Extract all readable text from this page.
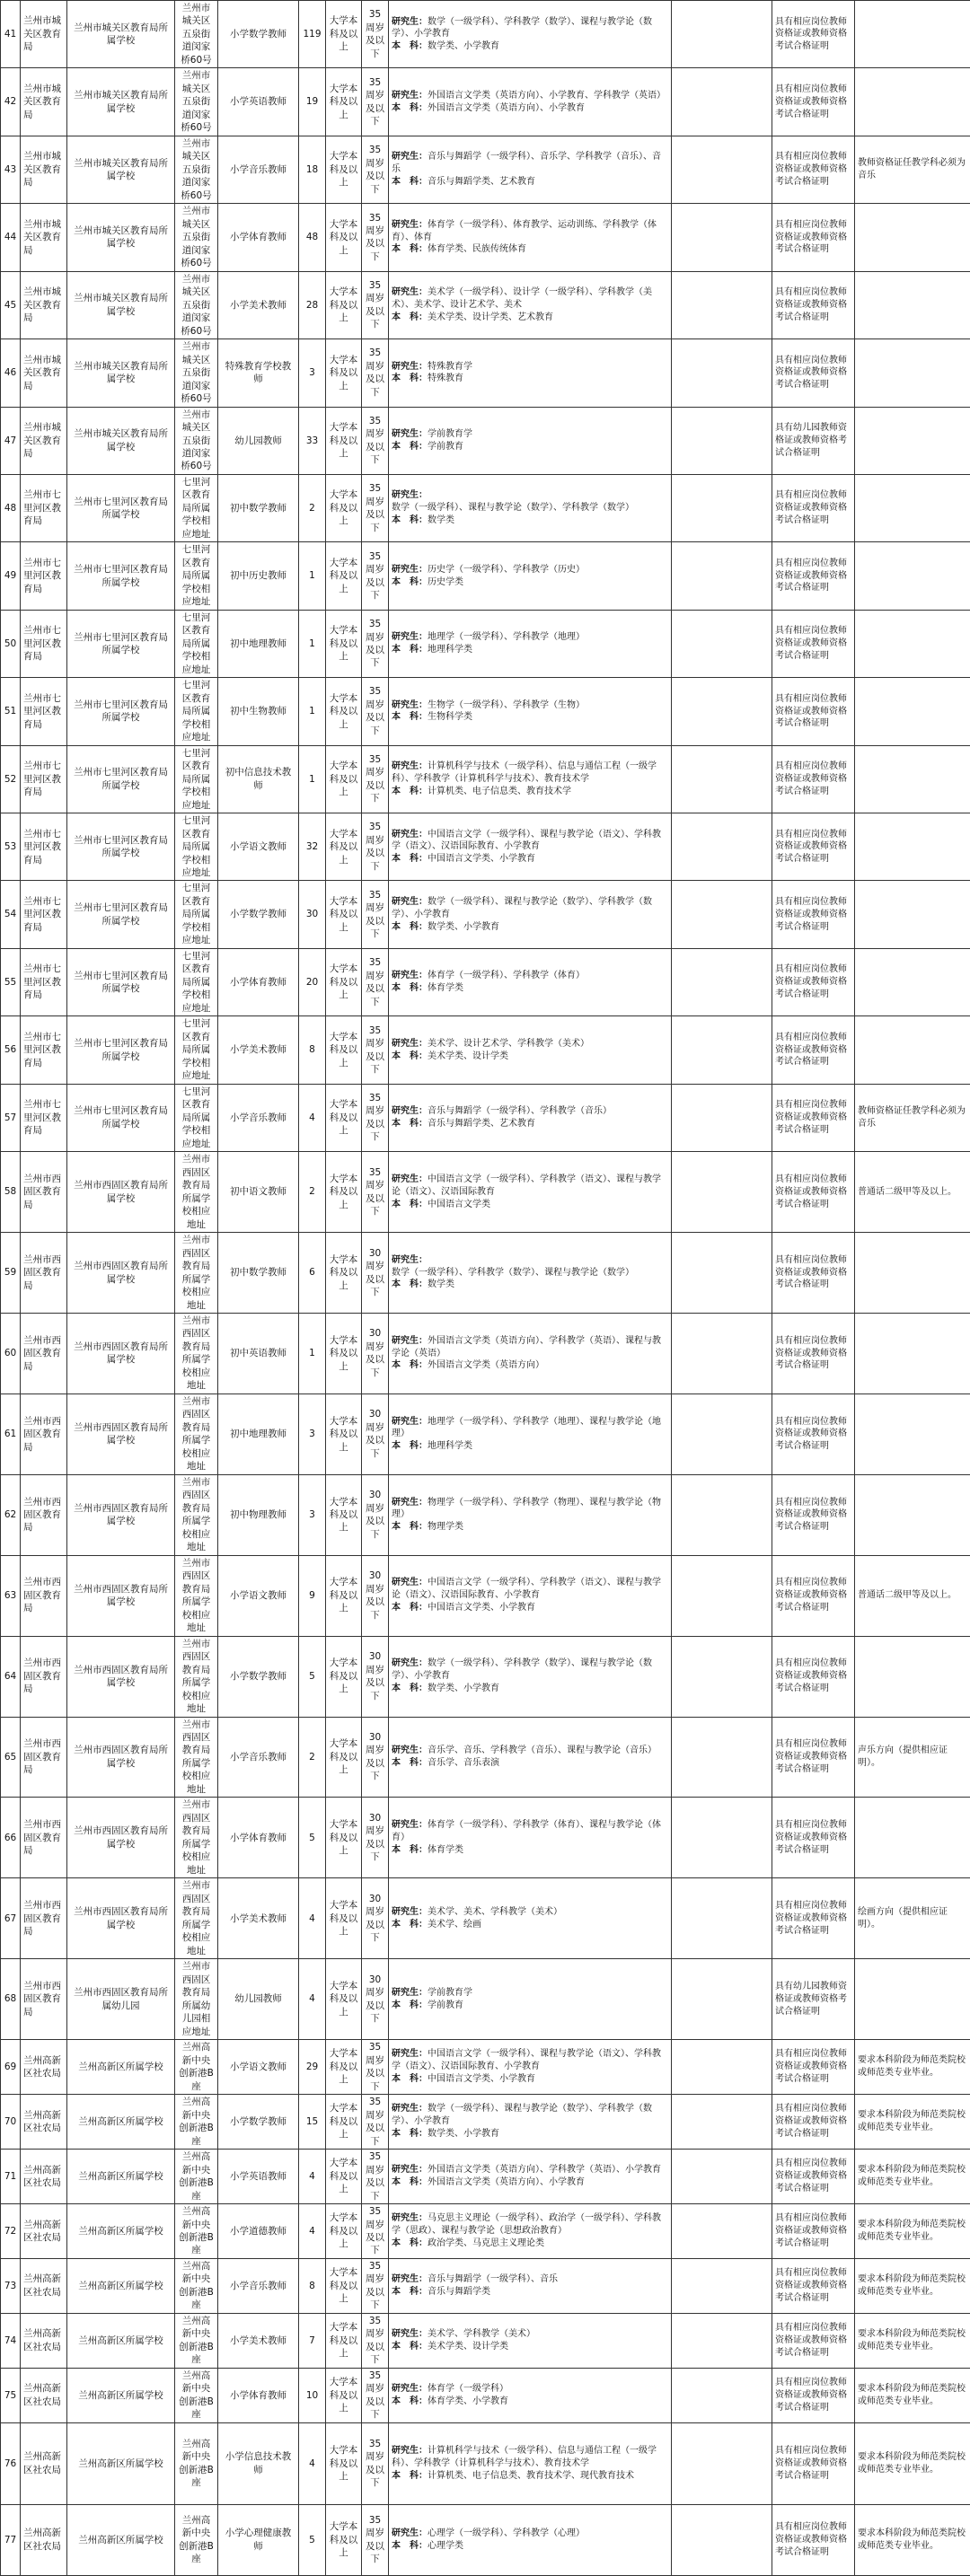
41	兰州市城关区教育局	兰州市城关区教育局所属学校	兰州市城关区五泉街道闵家桥60号	小学数学教师	119	大学本科及以上	35周岁及以下	研究生：数学（一级学科）、学科教学（数学）、课程与教学论（数学）、小学教育
本　科：数学类、小学教育		具有相应岗位教师资格证或教师资格考试合格证明	
42	兰州市城关区教育局	兰州市城关区教育局所属学校	兰州市城关区五泉街道闵家桥60号	小学英语教师	19	大学本科及以上	35周岁及以下	研究生：外国语言文学类（英语方向）、小学教育、学科教学（英语）
本　科：外国语言文学类（英语方向）、小学教育		具有相应岗位教师资格证或教师资格考试合格证明	
43	兰州市城关区教育局	兰州市城关区教育局所属学校	兰州市城关区五泉街道闵家桥60号	小学音乐教师	18	大学本科及以上	35周岁及以下	研究生：音乐与舞蹈学（一级学科）、音乐学、学科教学（音乐）、音乐
本　科：音乐与舞蹈学类、艺术教育		具有相应岗位教师资格证或教师资格考试合格证明	教师资格证任教学科必须为音乐
44	兰州市城关区教育局	兰州市城关区教育局所属学校	兰州市城关区五泉街道闵家桥60号	小学体育教师	48	大学本科及以上	35周岁及以下	研究生：体育学（一级学科）、体育教学、运动训练、学科教学（体育）、体育
本　科：体育学类、民族传统体育		具有相应岗位教师资格证或教师资格考试合格证明	
45	兰州市城关区教育局	兰州市城关区教育局所属学校	兰州市城关区五泉街道闵家桥60号	小学美术教师	28	大学本科及以上	35周岁及以下	研究生：美术学（一级学科）、设计学（一级学科）、学科教学（美术）、美术学、设计艺术学、美术
本　科：美术学类、设计学类、艺术教育		具有相应岗位教师资格证或教师资格考试合格证明	
46	兰州市城关区教育局	兰州市城关区教育局所属学校	兰州市城关区五泉街道闵家桥60号	特殊教育学校教师	3	大学本科及以上	35周岁及以下	研究生：特殊教育学
本　科：特殊教育		具有相应岗位教师资格证或教师资格考试合格证明	
47	兰州市城关区教育局	兰州市城关区教育局所属学校	兰州市城关区五泉街道闵家桥60号	幼儿园教师	33	大学本科及以上	35周岁及以下	研究生：学前教育学
本　科：学前教育		具有幼儿园教师资格证或教师资格考试合格证明	
48	兰州市七里河区教育局	兰州市七里河区教育局所属学校	七里河区教育局所属学校相应地址	初中数学教师	2	大学本科及以上	35周岁及以下	研究生：数学（一级学科）、课程与教学论（数学）、学科教学（数学）
本　科：数学类		具有相应岗位教师资格证或教师资格考试合格证明	
49	兰州市七里河区教育局	兰州市七里河区教育局所属学校	七里河区教育局所属学校相应地址	初中历史教师	1	大学本科及以上	35周岁及以下	研究生：历史学（一级学科）、学科教学（历史）
本　科：历史学类		具有相应岗位教师资格证或教师资格考试合格证明	
50	兰州市七里河区教育局	兰州市七里河区教育局所属学校	七里河区教育局所属学校相应地址	初中地理教师	1	大学本科及以上	35周岁及以下	研究生：地理学（一级学科）、学科教学（地理）
本　科：地理科学类		具有相应岗位教师资格证或教师资格考试合格证明	
51	兰州市七里河区教育局	兰州市七里河区教育局所属学校	七里河区教育局所属学校相应地址	初中生物教师	1	大学本科及以上	35周岁及以下	研究生：生物学（一级学科）、学科教学（生物）
本　科：生物科学类		具有相应岗位教师资格证或教师资格考试合格证明	
52	兰州市七里河区教育局	兰州市七里河区教育局所属学校	七里河区教育局所属学校相应地址	初中信息技术教师	1	大学本科及以上	35周岁及以下	研究生：计算机科学与技术（一级学科）、信息与通信工程（一级学科）、学科教学（计算机科学与技术）、教育技术学
本　科：计算机类、电子信息类、教育技术学		具有相应岗位教师资格证或教师资格考试合格证明	
53	兰州市七里河区教育局	兰州市七里河区教育局所属学校	七里河区教育局所属学校相应地址	小学语文教师	32	大学本科及以上	35周岁及以下	研究生：中国语言文学（一级学科）、课程与教学论（语文）、学科教学（语文）、汉语国际教育、小学教育
本　科：中国语言文学类、小学教育		具有相应岗位教师资格证或教师资格考试合格证明	
54	兰州市七里河区教育局	兰州市七里河区教育局所属学校	七里河区教育局所属学校相应地址	小学数学教师	30	大学本科及以上	35周岁及以下	研究生：数学（一级学科）、课程与教学论（数学）、学科教学（数学）、小学教育
本　科：数学类、小学教育		具有相应岗位教师资格证或教师资格考试合格证明	
55	兰州市七里河区教育局	兰州市七里河区教育局所属学校	七里河区教育局所属学校相应地址	小学体育教师	20	大学本科及以上	35周岁及以下	研究生：体育学（一级学科）、学科教学（体育）
本　科：体育学类		具有相应岗位教师资格证或教师资格考试合格证明	
56	兰州市七里河区教育局	兰州市七里河区教育局所属学校	七里河区教育局所属学校相应地址	小学美术教师	8	大学本科及以上	35周岁及以下	研究生：美术学、设计艺术学、学科教学（美术）
本　科：美术学类、设计学类		具有相应岗位教师资格证或教师资格考试合格证明	
57	兰州市七里河区教育局	兰州市七里河区教育局所属学校	七里河区教育局所属学校相应地址	小学音乐教师	4	大学本科及以上	35周岁及以下	研究生：音乐与舞蹈学（一级学科）、学科教学（音乐）
本　科：音乐与舞蹈学类、艺术教育		具有相应岗位教师资格证或教师资格考试合格证明	教师资格证任教学科必须为音乐
58	兰州市西固区教育局	兰州市西固区教育局所属学校	兰州市西固区教育局所属学校相应地址	初中语文教师	2	大学本科及以上	35周岁及以下	研究生：中国语言文学（一级学科）、学科教学（语文）、课程与教学论（语文）、汉语国际教育
本　科：中国语言文学类		具有相应岗位教师资格证或教师资格考试合格证明	普通话二级甲等及以上。
59	兰州市西固区教育局	兰州市西固区教育局所属学校	兰州市西固区教育局所属学校相应地址	初中数学教师	6	大学本科及以上	30周岁及以下	研究生：数学（一级学科）、学科教学（数学）、课程与教学论（数学）
本　科：数学类		具有相应岗位教师资格证或教师资格考试合格证明	
60	兰州市西固区教育局	兰州市西固区教育局所属学校	兰州市西固区教育局所属学校相应地址	初中英语教师	1	大学本科及以上	30周岁及以下	研究生：外国语言文学类（英语方向）、学科教学（英语）、课程与教学论（英语）
本　科：外国语言文学类（英语方向）		具有相应岗位教师资格证或教师资格考试合格证明	
61	兰州市西固区教育局	兰州市西固区教育局所属学校	兰州市西固区教育局所属学校相应地址	初中地理教师	3	大学本科及以上	30周岁及以下	研究生：地理学（一级学科）、学科教学（地理）、课程与教学论（地理）
本　科：地理科学类		具有相应岗位教师资格证或教师资格考试合格证明	
62	兰州市西固区教育局	兰州市西固区教育局所属学校	兰州市西固区教育局所属学校相应地址	初中物理教师	3	大学本科及以上	30周岁及以下	研究生：物理学（一级学科）、学科教学（物理）、课程与教学论（物理）
本　科：物理学类		具有相应岗位教师资格证或教师资格考试合格证明	
63	兰州市西固区教育局	兰州市西固区教育局所属学校	兰州市西固区教育局所属学校相应地址	小学语文教师	9	大学本科及以上	30周岁及以下	研究生：中国语言文学（一级学科）、学科教学（语文）、课程与教学论（语文）、汉语国际教育、小学教育
本　科：中国语言文学类、小学教育		具有相应岗位教师资格证或教师资格考试合格证明	普通话二级甲等及以上。
64	兰州市西固区教育局	兰州市西固区教育局所属学校	兰州市西固区教育局所属学校相应地址	小学数学教师	5	大学本科及以上	30周岁及以下	研究生：数学（一级学科）、学科教学（数学）、课程与教学论（数学）、小学教育
本　科：数学类、小学教育		具有相应岗位教师资格证或教师资格考试合格证明	
65	兰州市西固区教育局	兰州市西固区教育局所属学校	兰州市西固区教育局所属学校相应地址	小学音乐教师	2	大学本科及以上	30周岁及以下	研究生：音乐学、音乐、学科教学（音乐）、课程与教学论（音乐）
本　科：音乐学、音乐表演		具有相应岗位教师资格证或教师资格考试合格证明	声乐方向（提供相应证明）。
66	兰州市西固区教育局	兰州市西固区教育局所属学校	兰州市西固区教育局所属学校相应地址	小学体育教师	5	大学本科及以上	30周岁及以下	研究生：体育学（一级学科）、学科教学（体育）、课程与教学论（体育）
本　科：体育学类		具有相应岗位教师资格证或教师资格考试合格证明	
67	兰州市西固区教育局	兰州市西固区教育局所属学校	兰州市西固区教育局所属学校相应地址	小学美术教师	4	大学本科及以上	30周岁及以下	研究生：美术学、美术、学科教学（美术）
本　科：美术学、绘画		具有相应岗位教师资格证或教师资格考试合格证明	绘画方向（提供相应证明）。
68	兰州市西固区教育局	兰州市西固区教育局所属幼儿园	兰州市西固区教育局所属幼儿园相应地址	幼儿园教师	4	大学本科及以上	30周岁及以下	研究生：学前教育学
本　科：学前教育		具有幼儿园教师资格证或教师资格考试合格证明	
69	兰州高新区社农局	兰州高新区所属学校	兰州高新中央创新港B座	小学语文教师	29	大学本科及以上	35周岁及以下	研究生：中国语言文学（一级学科）、课程与教学论（语文）、学科教学（语文）、汉语国际教育、小学教育
本　科：中国语言文学类、小学教育		具有相应岗位教师资格证或教师资格考试合格证明	要求本科阶段为师范类院校或师范类专业毕业。
70	兰州高新区社农局	兰州高新区所属学校	兰州高新中央创新港B座	小学数学教师	15	大学本科及以上	35周岁及以下	研究生：数学（一级学科）、课程与教学论（数学）、学科教学（数学）、小学教育
本　科：数学类、小学教育		具有相应岗位教师资格证或教师资格考试合格证明	要求本科阶段为师范类院校或师范类专业毕业。
71	兰州高新区社农局	兰州高新区所属学校	兰州高新中央创新港B座	小学英语教师	4	大学本科及以上	35周岁及以下	研究生：外国语言文学类（英语方向）、学科教学（英语）、小学教育
本　科：外国语言文学类（英语方向）、小学教育		具有相应岗位教师资格证或教师资格考试合格证明	要求本科阶段为师范类院校或师范类专业毕业。
72	兰州高新区社农局	兰州高新区所属学校	兰州高新中央创新港B座	小学道德教师	4	大学本科及以上	35周岁及以下	研究生：马克思主义理论（一级学科）、政治学（一级学科）、学科教学（思政）、课程与教学论（思想政治教育）
本　科：政治学类、马克思主义理论类		具有相应岗位教师资格证或教师资格考试合格证明	要求本科阶段为师范类院校或师范类专业毕业。
73	兰州高新区社农局	兰州高新区所属学校	兰州高新中央创新港B座	小学音乐教师	8	大学本科及以上	35周岁及以下	研究生：音乐与舞蹈学（一级学科）、音乐
本　科：音乐与舞蹈学类		具有相应岗位教师资格证或教师资格考试合格证明	要求本科阶段为师范类院校或师范类专业毕业。
74	兰州高新区社农局	兰州高新区所属学校	兰州高新中央创新港B座	小学美术教师	7	大学本科及以上	35周岁及以下	研究生：美术学、学科教学（美术）
本　科：美术学类、设计学类		具有相应岗位教师资格证或教师资格考试合格证明	要求本科阶段为师范类院校或师范类专业毕业。
75	兰州高新区社农局	兰州高新区所属学校	兰州高新中央创新港B座	小学体育教师	10	大学本科及以上	35周岁及以下	研究生：体育学（一级学科）
本　科：体育学类、小学教育		具有相应岗位教师资格证或教师资格考试合格证明	要求本科阶段为师范类院校或师范类专业毕业。
76	兰州高新区社农局	兰州高新区所属学校	兰州高新中央创新港B座	小学信息技术教师	4	大学本科及以上	35周岁及以下	研究生：计算机科学与技术（一级学科）、信息与通信工程（一级学科）、学科教学（计算机科学与技术）、教育技术学
本　科：计算机类、电子信息类、教育技术学、现代教育技术		具有相应岗位教师资格证或教师资格考试合格证明	要求本科阶段为师范类院校或师范类专业毕业。
77	兰州高新区社农局	兰州高新区所属学校	兰州高新中央创新港B座	小学心理健康教师	5	大学本科及以上	35周岁及以下	研究生：心理学（一级学科）、学科教学（心理）
本　科：心理学类		具有相应岗位教师资格证或教师资格考试合格证明	要求本科阶段为师范类院校或师范类专业毕业。
